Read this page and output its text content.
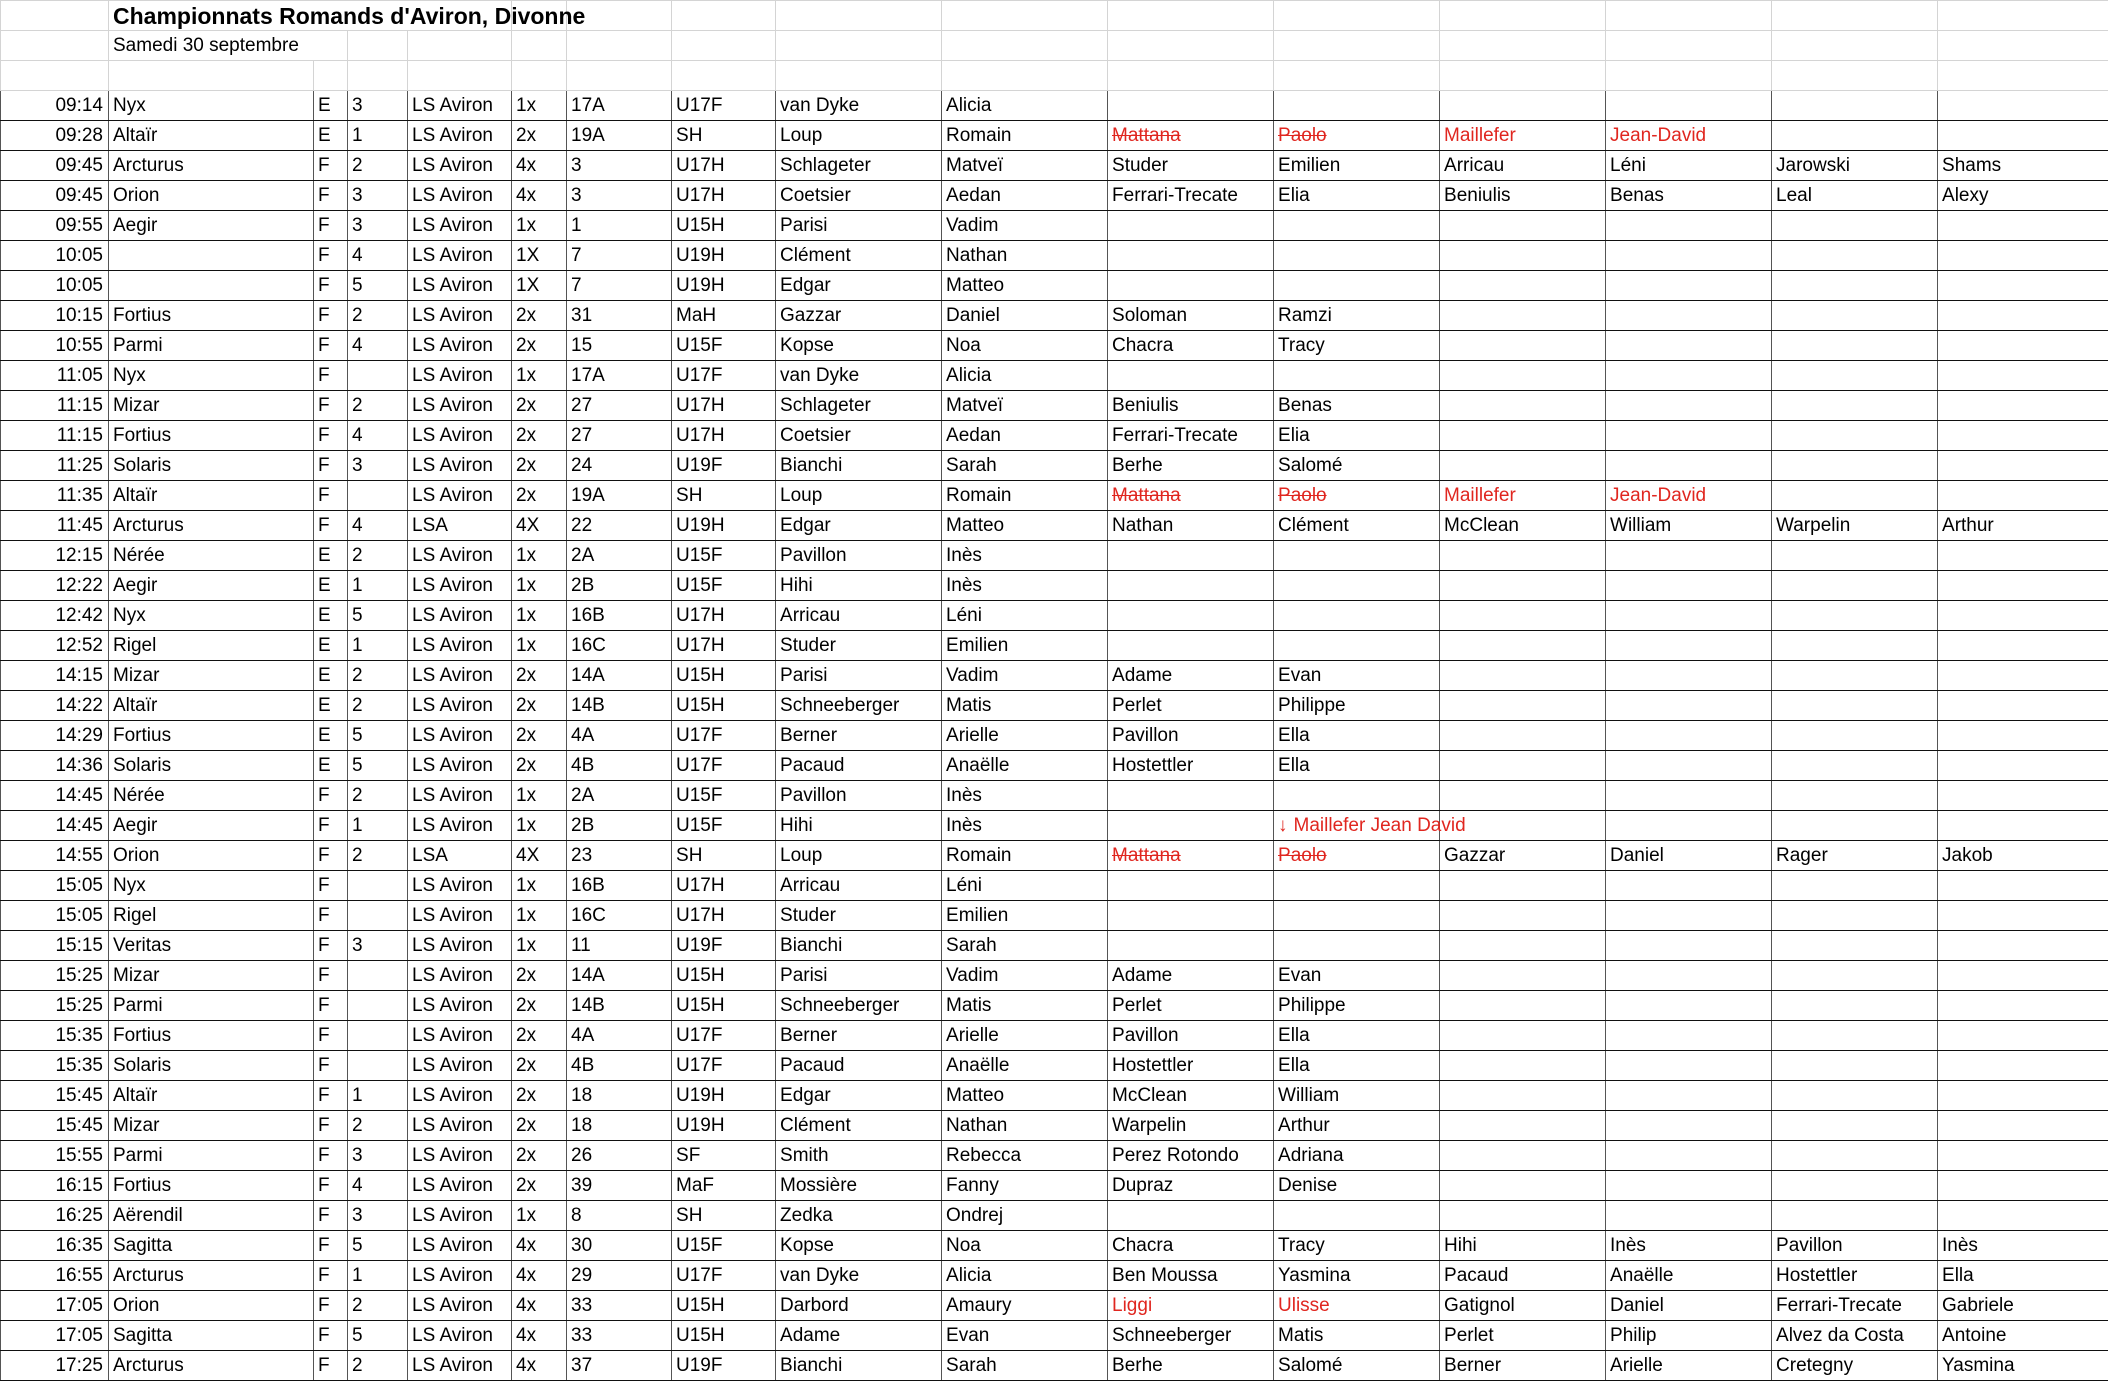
	Championnats Romands d'Aviron, Divonne														
	Samedi 30 septembre														

09:14	Nyx	E	3	LS Aviron	1x	17A	U17F	van Dyke	Alicia						
09:28	Altaïr	E	1	LS Aviron	2x	19A	SH	Loup	Romain	Mattana	Paolo	Maillefer	Jean-David		
09:45	Arcturus	F	2	LS Aviron	4x	3	U17H	Schlageter	Matveï	Studer	Emilien	Arricau	Léni	Jarowski	Shams
09:45	Orion	F	3	LS Aviron	4x	3	U17H	Coetsier	Aedan	Ferrari-Trecate	Elia	Beniulis	Benas	Leal	Alexy
09:55	Aegir	F	3	LS Aviron	1x	1	U15H	Parisi	Vadim						
10:05		F	4	LS Aviron	1X	7	U19H	Clément	Nathan						
10:05		F	5	LS Aviron	1X	7	U19H	Edgar	Matteo						
10:15	Fortius	F	2	LS Aviron	2x	31	MaH	Gazzar	Daniel	Soloman	Ramzi				
10:55	Parmi	F	4	LS Aviron	2x	15	U15F	Kopse	Noa	Chacra	Tracy				
11:05	Nyx	F		LS Aviron	1x	17A	U17F	van Dyke	Alicia						
11:15	Mizar	F	2	LS Aviron	2x	27	U17H	Schlageter	Matveï	Beniulis	Benas				
11:15	Fortius	F	4	LS Aviron	2x	27	U17H	Coetsier	Aedan	Ferrari-Trecate	Elia				
11:25	Solaris	F	3	LS Aviron	2x	24	U19F	Bianchi	Sarah	Berhe	Salomé				
11:35	Altaïr	F		LS Aviron	2x	19A	SH	Loup	Romain	Mattana	Paolo	Maillefer	Jean-David		
11:45	Arcturus	F	4	LSA	4X	22	U19H	Edgar	Matteo	Nathan	Clément	McClean	William	Warpelin	Arthur
12:15	Nérée	E	2	LS Aviron	1x	2A	U15F	Pavillon	Inès						
12:22	Aegir	E	1	LS Aviron	1x	2B	U15F	Hihi	Inès						
12:42	Nyx	E	5	LS Aviron	1x	16B	U17H	Arricau	Léni						
12:52	Rigel	E	1	LS Aviron	1x	16C	U17H	Studer	Emilien						
14:15	Mizar	E	2	LS Aviron	2x	14A	U15H	Parisi	Vadim	Adame	Evan				
14:22	Altaïr	E	2	LS Aviron	2x	14B	U15H	Schneeberger	Matis	Perlet	Philippe				
14:29	Fortius	E	5	LS Aviron	2x	4A	U17F	Berner	Arielle	Pavillon	Ella				
14:36	Solaris	E	5	LS Aviron	2x	4B	U17F	Pacaud	Anaëlle	Hostettler	Ella				
14:45	Nérée	F	2	LS Aviron	1x	2A	U15F	Pavillon	Inès						
14:45	Aegir	F	1	LS Aviron	1x	2B	U15F	Hihi	Inès		↓ Maillefer Jean David				
14:55	Orion	F	2	LSA	4X	23	SH	Loup	Romain	Mattana	Paolo	Gazzar	Daniel	Rager	Jakob
15:05	Nyx	F		LS Aviron	1x	16B	U17H	Arricau	Léni						
15:05	Rigel	F		LS Aviron	1x	16C	U17H	Studer	Emilien						
15:15	Veritas	F	3	LS Aviron	1x	11	U19F	Bianchi	Sarah						
15:25	Mizar	F		LS Aviron	2x	14A	U15H	Parisi	Vadim	Adame	Evan				
15:25	Parmi	F		LS Aviron	2x	14B	U15H	Schneeberger	Matis	Perlet	Philippe				
15:35	Fortius	F		LS Aviron	2x	4A	U17F	Berner	Arielle	Pavillon	Ella				
15:35	Solaris	F		LS Aviron	2x	4B	U17F	Pacaud	Anaëlle	Hostettler	Ella				
15:45	Altaïr	F	1	LS Aviron	2x	18	U19H	Edgar	Matteo	McClean	William				
15:45	Mizar	F	2	LS Aviron	2x	18	U19H	Clément	Nathan	Warpelin	Arthur				
15:55	Parmi	F	3	LS Aviron	2x	26	SF	Smith	Rebecca	Perez Rotondo	Adriana				
16:15	Fortius	F	4	LS Aviron	2x	39	MaF	Mossière	Fanny	Dupraz	Denise				
16:25	Aërendil	F	3	LS Aviron	1x	8	SH	Zedka	Ondrej						
16:35	Sagitta	F	5	LS Aviron	4x	30	U15F	Kopse	Noa	Chacra	Tracy	Hihi	Inès	Pavillon	Inès
16:55	Arcturus	F	1	LS Aviron	4x	29	U17F	van Dyke	Alicia	Ben Moussa	Yasmina	Pacaud	Anaëlle	Hostettler	Ella
17:05	Orion	F	2	LS Aviron	4x	33	U15H	Darbord	Amaury	Liggi	Ulisse	Gatignol	Daniel	Ferrari-Trecate	Gabriele
17:05	Sagitta	F	5	LS Aviron	4x	33	U15H	Adame	Evan	Schneeberger	Matis	Perlet	Philip	Alvez da Costa	Antoine
17:25	Arcturus	F	2	LS Aviron	4x	37	U19F	Bianchi	Sarah	Berhe	Salomé	Berner	Arielle	Cretegny	Yasmina
